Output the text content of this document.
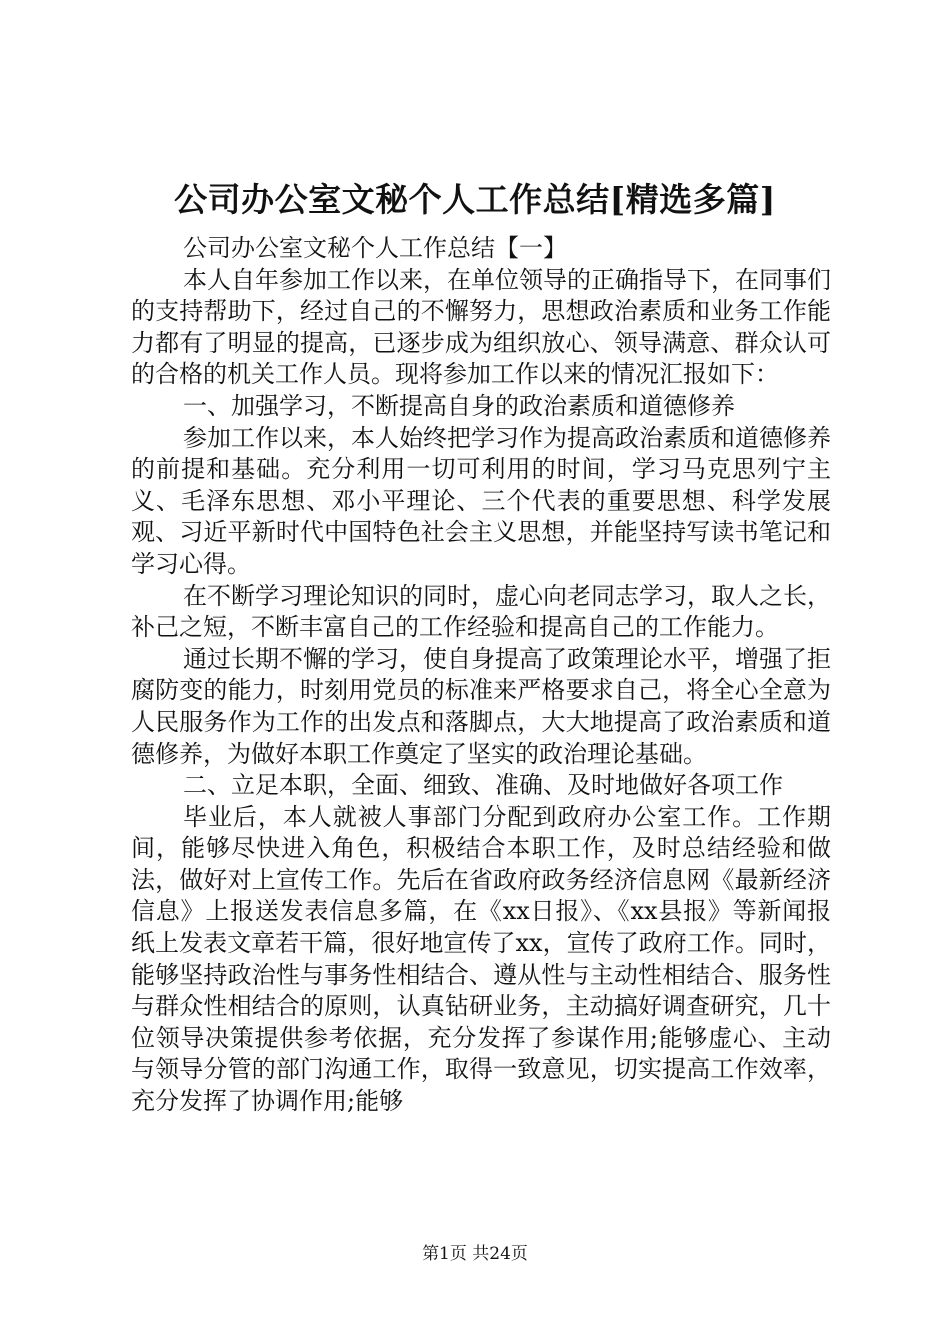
公司办公室文秘个人工作总结[精选多篇]

公司办公室文秘个人工作总结【一】

本人自年参加工作以来，在单位领导的正确指导下，在同事们的支持帮助下，经过自己的不懈努力，思想政治素质和业务工作能力都有了明显的提高，已逐步成为组织放心、领导满意、群众认可的合格的机关工作人员。现将参加工作以来的情况汇报如下：

一、加强学习，不断提高自身的政治素质和道德修养

参加工作以来，本人始终把学习作为提高政治素质和道德修养的前提和基础。充分利用一切可利用的时间，学习马克思列宁主义、毛泽东思想、邓小平理论、三个代表的重要思想、科学发展观、习近平新时代中国特色社会主义思想，并能坚持写读书笔记和学习心得。

在不断学习理论知识的同时，虚心向老同志学习，取人之长，补己之短，不断丰富自己的工作经验和提高自己的工作能力。

通过长期不懈的学习，使自身提高了政策理论水平，增强了拒腐防变的能力，时刻用党员的标准来严格要求自己，将全心全意为人民服务作为工作的出发点和落脚点，大大地提高了政治素质和道德修养，为做好本职工作奠定了坚实的政治理论基础。

二、立足本职，全面、细致、准确、及时地做好各项工作

毕业后，本人就被人事部门分配到政府办公室工作。工作期间，能够尽快进入角色，积极结合本职工作，及时总结经验和做法，做好对上宣传工作。先后在省政府政务经济信息网《最新经济信息》上报送发表信息多篇，在《xx日报》、《xx县报》等新闻报纸上发表文章若干篇，很好地宣传了xx，宣传了政府工作。同时，能够坚持政治性与事务性相结合、遵从性与主动性相结合、服务性与群众性相结合的原则，认真钻研业务，主动搞好调查研究，几十位领导决策提供参考依据，充分发挥了参谋作用;能够虚心、主动与领导分管的部门沟通工作，取得一致意见，切实提高工作效率，充分发挥了协调作用;能够

第1页 共24页
